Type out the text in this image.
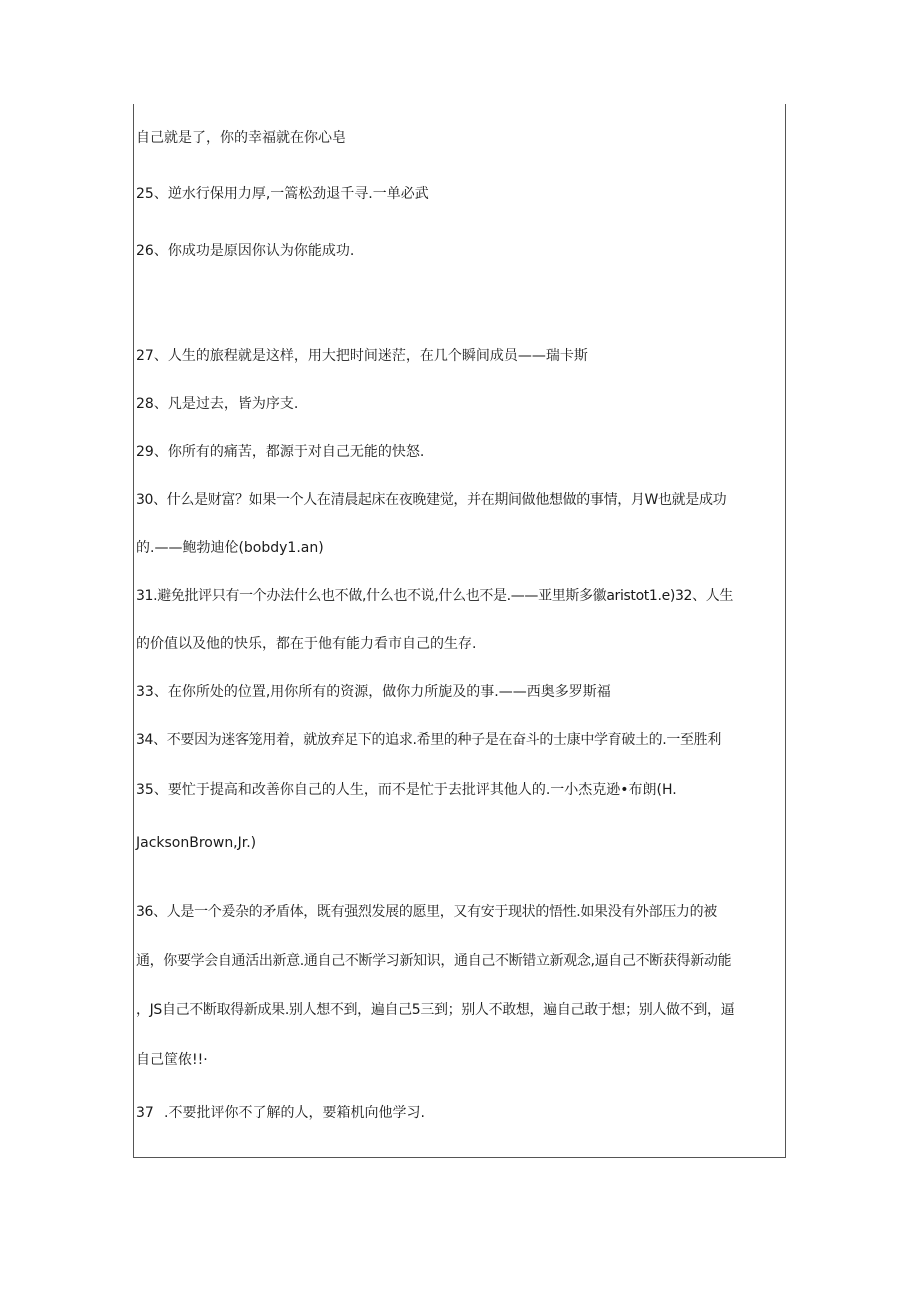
自己就是了，你的幸福就在你心皂
25、逆水行保用力厚,一篙松劲退千寻.一单必武
26、你成功是原因你认为你能成功.
27、人生的旅程就是这样，用大把时间迷茫，在几个瞬间成员——瑞卡斯
28、凡是过去，皆为序支.
29、你所有的痛苦，都源于对自己无能的快怒.
30、什么是财富？如果一个人在清晨起床在夜晚建觉，并在期间做他想做的事情，月W也就是成功
的.——鲍勃迪伦(bobdy1.an)
31.避免批评只有一个办法什么也不做,什么也不说,什么也不是.——亚里斯多徽aristot1.e)32、人生
的价值以及他的快乐，都在于他有能力看市自己的生存.
33、在你所处的位置,用你所有的资源，做你力所旎及的事.——西奥多罗斯福
34、不要因为迷客笼用着，就放弃足下的追求.希里的种子是在奋斗的士康中学育破土的.一至胜利
35、要忙于提高和改善你自己的人生，而不是忙于去批评其他人的.一小杰克逊•布朗(H.
JacksonBrown,Jr.)
36、人是一个爰杂的矛盾体，既有强烈发展的愿里，又有安于现状的悟性.如果没有外部压力的被
通，你要学会自通活出新意.通自己不断学习新知识，通自己不断错立新观念,逼自己不断获得新动能
，JS自己不断取得新成果.别人想不到，遍自己5三到；别人不敢想，遍自己敢于想；别人做不到，逼
自己筐侬!!·
37 .不要批评你不了解的人，要箱机向他学习.
